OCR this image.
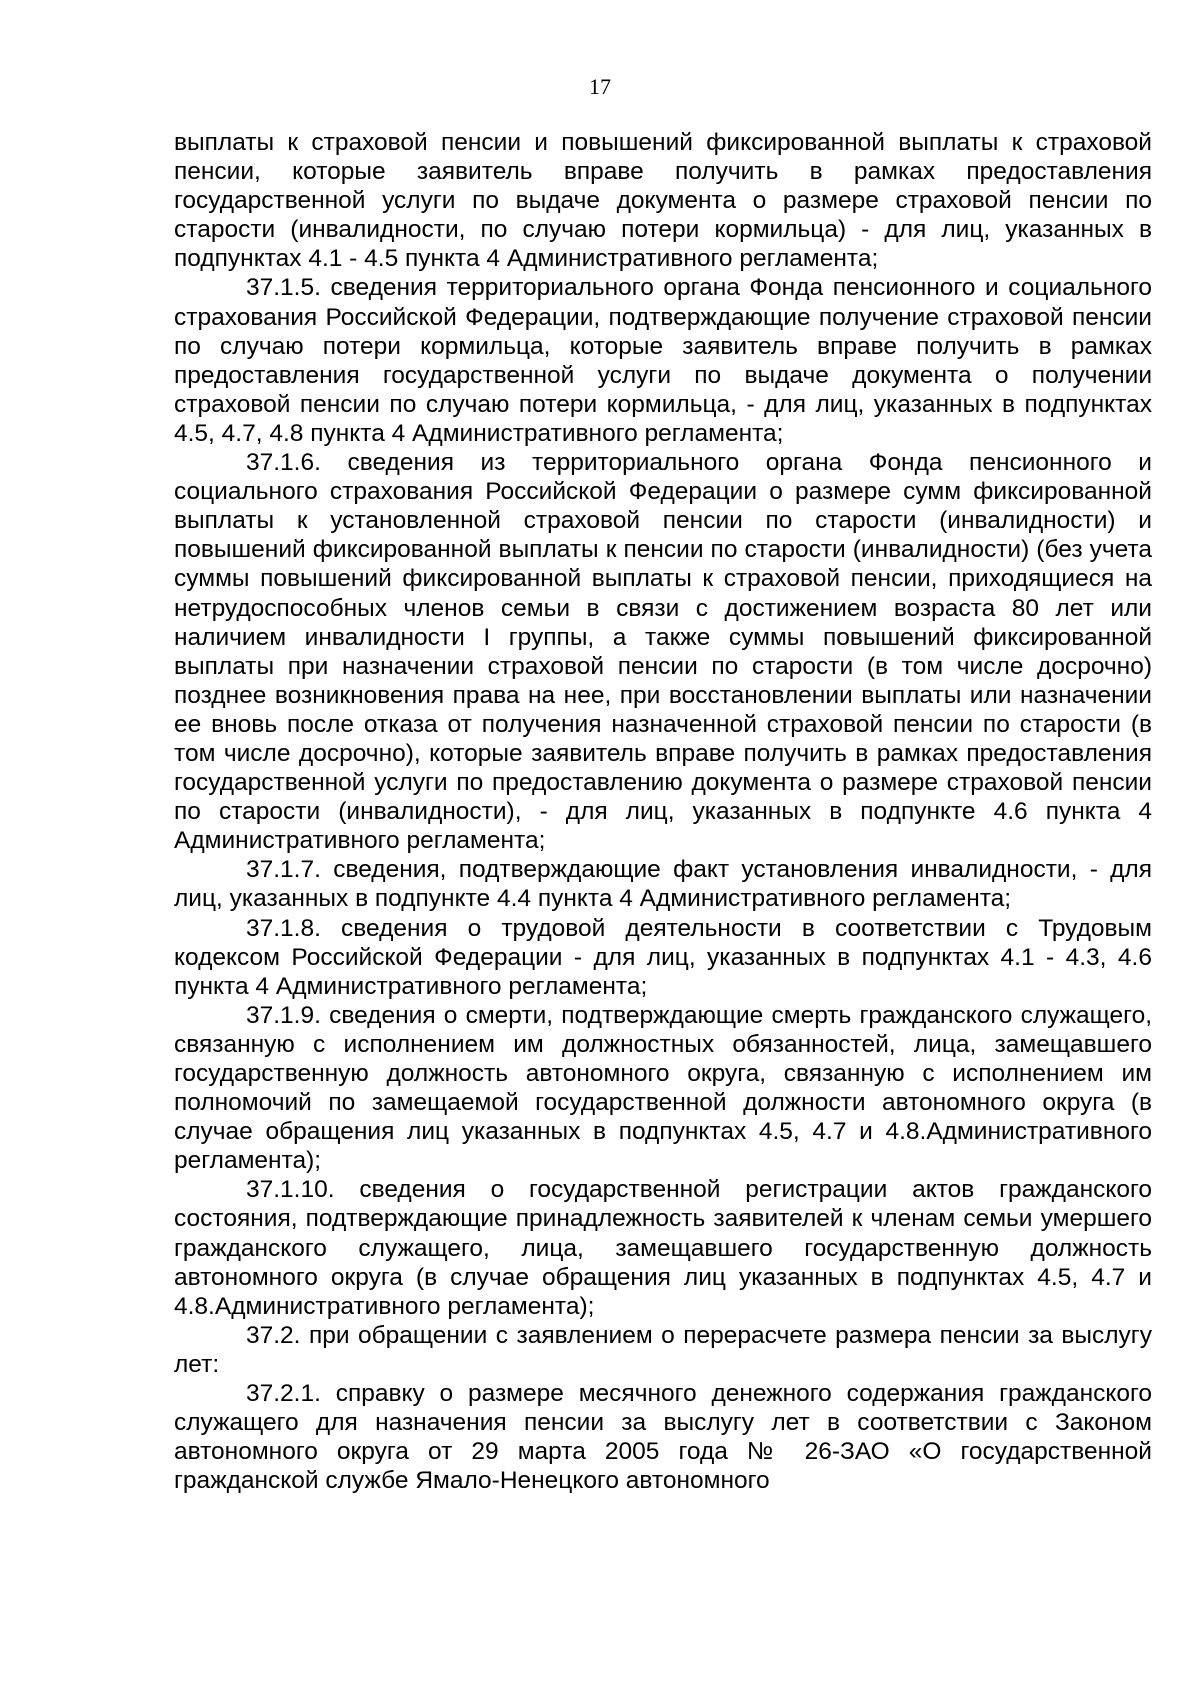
17

выплаты к страховой пенсии и повышений фиксированной выплаты к страховой пенсии, которые заявитель вправе получить в рамках предоставления государственной услуги по выдаче документа о размере страховой пенсии по старости (инвалидности, по случаю потери кормильца) - для лиц, указанных в подпунктах 4.1 - 4.5 пункта 4 Административного регламента;

37.1.5. сведения территориального органа Фонда пенсионного и социального страхования Российской Федерации, подтверждающие получение страховой пенсии по случаю потери кормильца, которые заявитель вправе получить в рамках предоставления государственной услуги по выдаче документа о получении страховой пенсии по случаю потери кормильца, - для лиц, указанных в подпунктах 4.5, 4.7, 4.8 пункта 4 Административного регламента;

37.1.6. сведения из территориального органа Фонда пенсионного и социального страхования Российской Федерации о размере сумм фиксированной выплаты к установленной страховой пенсии по старости (инвалидности) и повышений фиксированной выплаты к пенсии по старости (инвалидности) (без учета суммы повышений фиксированной выплаты к страховой пенсии, приходящиеся на нетрудоспособных членов семьи в связи с достижением возраста 80 лет или наличием инвалидности I группы, а также суммы повышений фиксированной выплаты при назначении страховой пенсии по старости (в том числе досрочно) позднее возникновения права на нее, при восстановлении выплаты или назначении ее вновь после отказа от получения назначенной страховой пенсии по старости (в том числе досрочно), которые заявитель вправе получить в рамках предоставления государственной услуги по предоставлению документа о размере страховой пенсии по старости (инвалидности), - для лиц, указанных в подпункте 4.6 пункта 4 Административного регламента;

37.1.7. сведения, подтверждающие факт установления инвалидности, - для лиц, указанных в подпункте 4.4 пункта 4 Административного регламента;

37.1.8. сведения о трудовой деятельности в соответствии с Трудовым кодексом Российской Федерации - для лиц, указанных в подпунктах 4.1 - 4.3, 4.6 пункта 4 Административного регламента;

37.1.9. сведения о смерти, подтверждающие смерть гражданского служащего, связанную с исполнением им должностных обязанностей, лица, замещавшего государственную должность автономного округа, связанную с исполнением им полномочий по замещаемой государственной должности автономного округа (в случае обращения лиц указанных в подпунктах 4.5, 4.7 и 4.8.Административного регламента);

37.1.10. сведения о государственной регистрации актов гражданского состояния, подтверждающие принадлежность заявителей к членам семьи умершего гражданского служащего, лица, замещавшего государственную должность автономного округа (в случае обращения лиц указанных в подпунктах 4.5, 4.7 и 4.8.Административного регламента);

37.2. при обращении с заявлением о перерасчете размера пенсии за выслугу лет:

37.2.1. справку о размере месячного денежного содержания гражданского служащего для назначения пенсии за выслугу лет в соответствии с Законом автономного округа от 29 марта 2005 года № 26-ЗАО «О государственной гражданской службе Ямало-Ненецкого автономного
